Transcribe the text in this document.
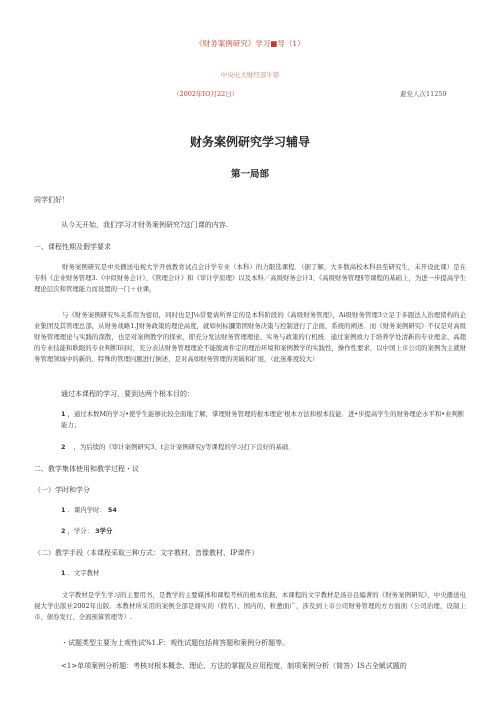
《财务案例研究》学习■导（1）
中央电大财经部牛第
（2002年IO月22日）	避党人次11259
财务案例研究学习辅导
第一局部
同学们好！
从今天开始，我们学习才财务案例研究?这门课的内容.
一、课程性期及假学要求

财务案例研究是中央播送电视大学开放教育试点会计学专业（本科）的力限选课程．（据了解，大多数高校本科县至研究生，未开设此课）是在专科《企业财务管理3.《中似财务会计》、《管理会计》和《审计学原理》以及本科／高级财务会计3、《高级财务管理§等课程的基础上，为进一步提高学生理论层次和管理能力而设置的一门＋业课，

与《财务案例研究%关系用为密切，同时也是J⅛常要请所界定的是本科阶段的《高级财务管理》，Ai级财务管理3立足于多跟法人治理猪构的企业集团及其管理总部，从财务战略1.J财务政策的理论高度，就如何标瀰第团财务决策与控制进行了企面，系统的阐述．而《财务案例研究》不仅是对高级财务管理理论与实践的深散，也是对案例教学的探索，即充分发达财务管理理论、实务与政策的行机统．通过案例致力于培养学处清新的专业理念、高超的专业技能和耿眼的专业判断I闷时，充分表达财务管理理论不能脱离件定的理治环境和案例教学的实践性，操作性要求，以中国上市公司的案例为主就财务管理领域中的新的、特殊的管理问题进行倒述，是对高如财务管理的突破和扩展，（此迷难度较大）

通过本课程的学习，要到达两个根本目的：
1 ，通过本数M的学习•使学生能够比较全面地了解，掌理财务管理的根本理论'根本方法和根本技能．进•步提高学生的财务理论水平和•业判断能力；
2 ，为后续的《审计案例研究3、t会计案例研究y等课程的学习打下良好的基础．
二、教学集体使用和教学过程・议
（一）学时和学分
1 ．课内学时： 54
2 ，学分： 3学分
（二）教学手段（本课程采取三种方式：文字教材、音像教材、IP课件）
1 ．文字教材

文字教材是学生学习的主要用书，是教学的主要媒体和课程考核的根本依据，本课程的文字教材是汤谷良编著的《财务案例研究》，中央播送电视大学出版社2002年出版．本教材所采用的案例全部是闯实的（假名）、国内的，粒惫面广，涉及到上市公司财务管理的方方面面（公司治理、设制上市、债券发行、全面预算管理等）.

・试题类型主要为上观性试%1.F：观性试题包括荷答题和案例分析题等。
<1>单项案例分析题：考核对根本概念、理论、方法的掌握及应用程度，制项案例分析（简答）IS占全赋试题的
